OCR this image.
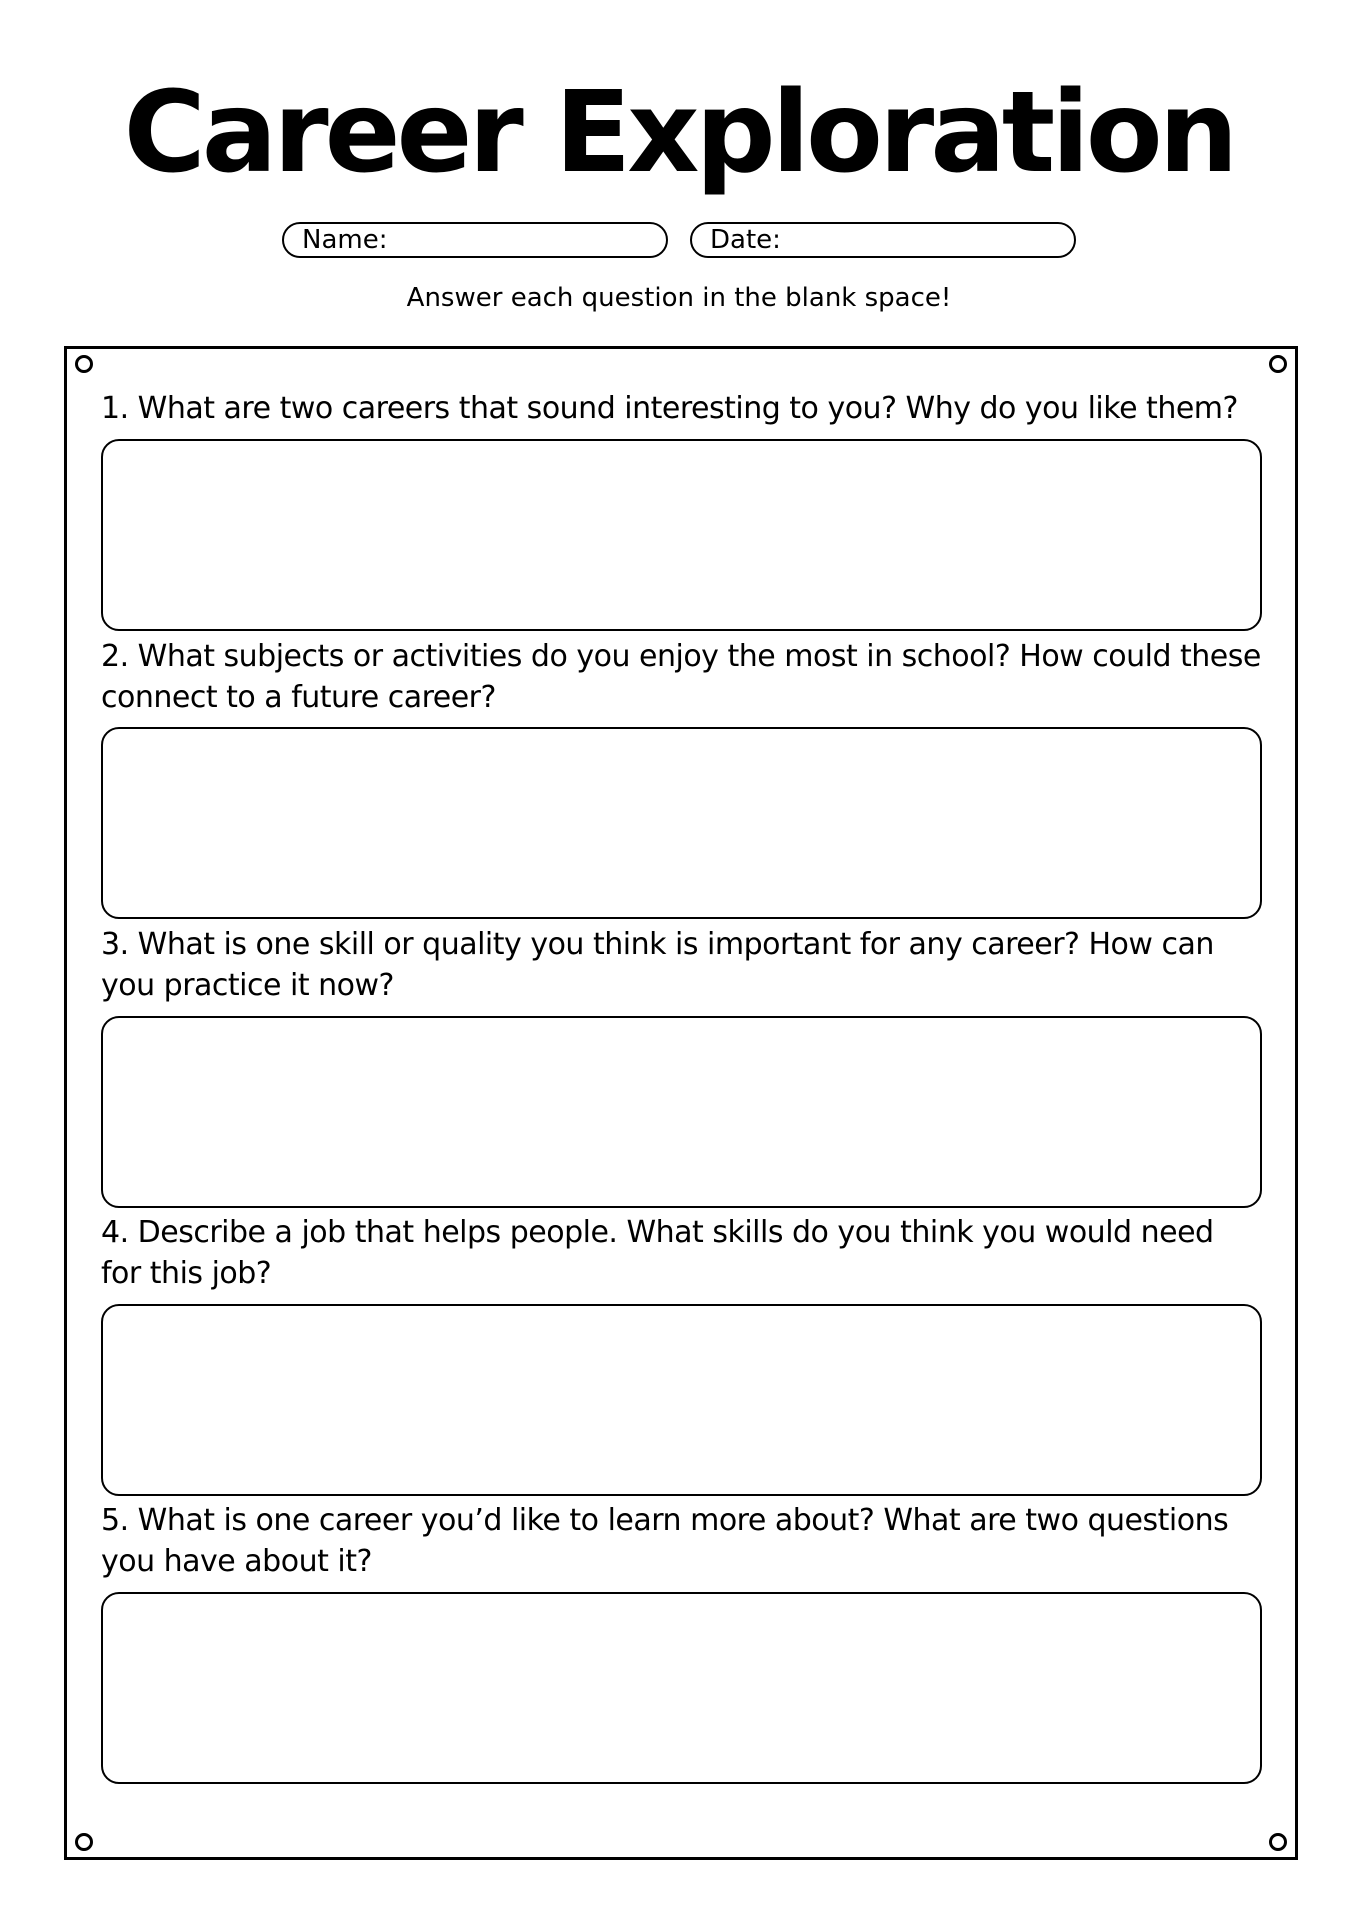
Career Exploration
Name:	Date:
Answer each question in the blank space!
1. What are two careers that sound interesting to you? Why do you like them?
2. What subjects or activities do you enjoy the most in school? How could these connect to a future career?
3. What is one skill or quality you think is important for any career? How can you practice it now?
4. Describe a job that helps people. What skills do you think you would need for this job?
5. What is one career you’d like to learn more about? What are two questions you have about it?
